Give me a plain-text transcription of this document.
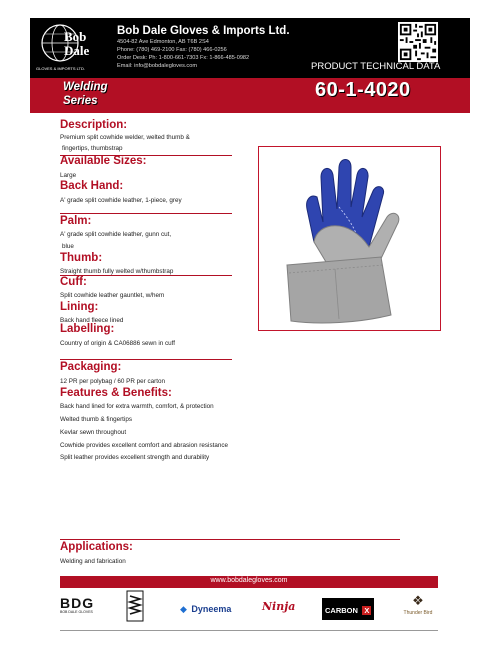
Bob
Dale
GLOVES & IMPORTS LTD.
Bob Dale Gloves & Imports Ltd.
4504-82 Ave Edmonton, AB T6B 2S4
Phone: (780) 469-2100 Fax: (780) 466-0256
Order Desk: Ph: 1-800-661-7303 Fx: 1-866-485-0982
Email: info@bobdalegloves.com	PRODUCT TECHNICAL DATA
Welding
Series	60-1-4020
Description:
Premium split cowhide welder, welted thumb &
fingertips, thumbstrap
Available Sizes:
Large
Back Hand:
A' grade split cowhide leather, 1-piece, grey
Palm:
A' grade split cowhide leather, gunn cut,
blue
Thumb:
Straight thumb fully welted w/thumbstrap
Cuff:
Split cowhide leather gauntlet, w/hem
Lining:
Back hand fleece lined
Labelling:
Country of origin & CA06886 sewn in cuff
Packaging:
12 PR per polybag / 60 PR per carton
Features & Benefits:
Back hand lined for extra warmth, comfort, & protection
Welted thumb & fingertips
Kevlar sewn throughout
Cowhide provides excellent comfort and abrasion resistance
Split leather provides excellent strength and durability
Applications:
Welding and fabrication
www.bobdalegloves.com
BDG
BOB DALE GLOVES	◆ Dyneema	Ninja	CARBON X
❖
Thunder Bird
